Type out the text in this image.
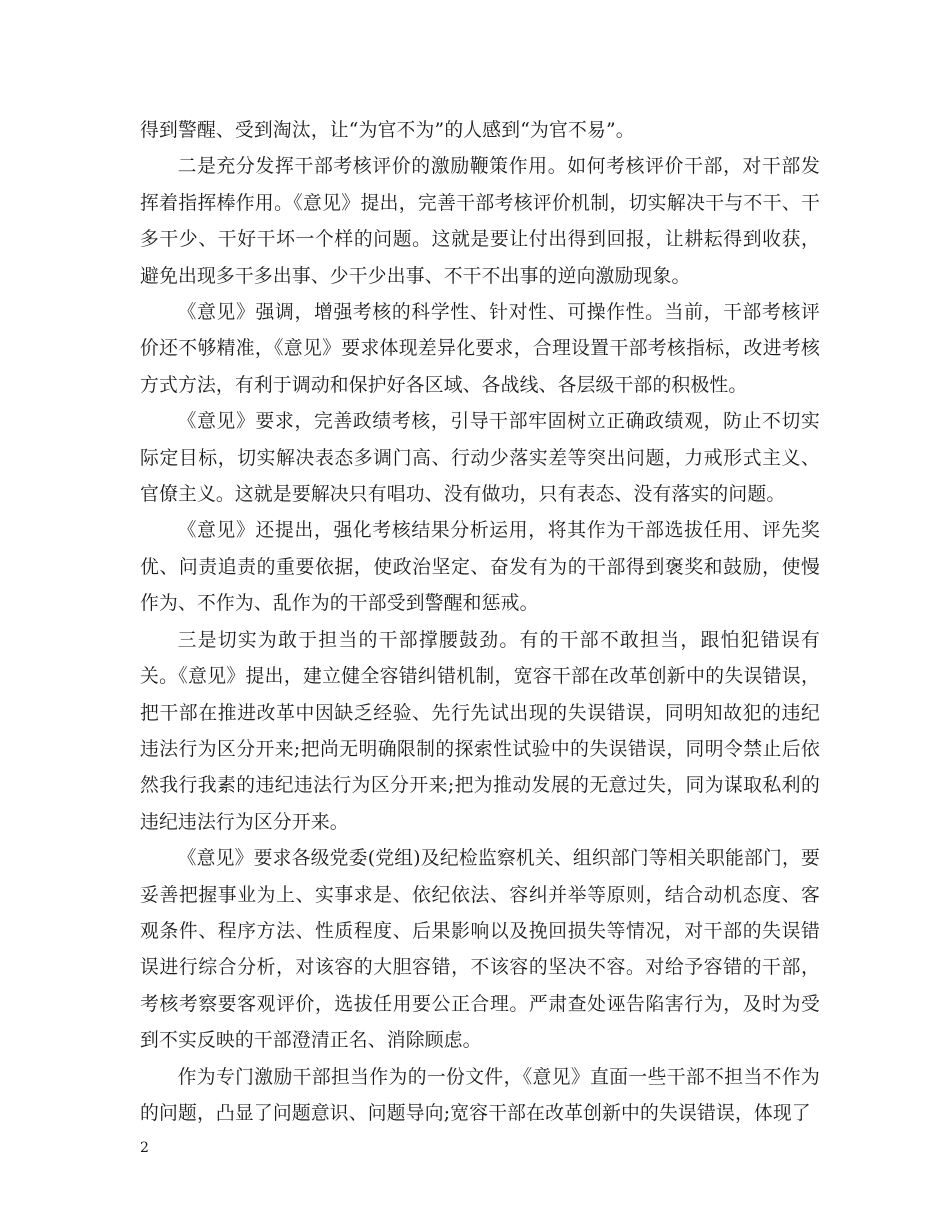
得到警醒、受到淘汰，让“为官不为”的人感到“为官不易”。

二是充分发挥干部考核评价的激励鞭策作用。如何考核评价干部，对干部发挥着指挥棒作用。《意见》提出，完善干部考核评价机制，切实解决干与不干、干多干少、干好干坏一个样的问题。这就是要让付出得到回报，让耕耘得到收获，避免出现多干多出事、少干少出事、不干不出事的逆向激励现象。

《意见》强调，增强考核的科学性、针对性、可操作性。当前，干部考核评价还不够精准，《意见》要求体现差异化要求，合理设置干部考核指标，改进考核方式方法，有利于调动和保护好各区域、各战线、各层级干部的积极性。

《意见》要求，完善政绩考核，引导干部牢固树立正确政绩观，防止不切实际定目标，切实解决表态多调门高、行动少落实差等突出问题，力戒形式主义、官僚主义。这就是要解决只有唱功、没有做功，只有表态、没有落实的问题。

《意见》还提出，强化考核结果分析运用，将其作为干部选拔任用、评先奖优、问责追责的重要依据，使政治坚定、奋发有为的干部得到褒奖和鼓励，使慢作为、不作为、乱作为的干部受到警醒和惩戒。

三是切实为敢于担当的干部撑腰鼓劲。有的干部不敢担当，跟怕犯错误有关。《意见》提出，建立健全容错纠错机制，宽容干部在改革创新中的失误错误，把干部在推进改革中因缺乏经验、先行先试出现的失误错误，同明知故犯的违纪违法行为区分开来;把尚无明确限制的探索性试验中的失误错误，同明令禁止后依然我行我素的违纪违法行为区分开来;把为推动发展的无意过失，同为谋取私利的违纪违法行为区分开来。

《意见》要求各级党委(党组)及纪检监察机关、组织部门等相关职能部门，要妥善把握事业为上、实事求是、依纪依法、容纠并举等原则，结合动机态度、客观条件、程序方法、性质程度、后果影响以及挽回损失等情况，对干部的失误错误进行综合分析，对该容的大胆容错，不该容的坚决不容。对给予容错的干部，考核考察要客观评价，选拔任用要公正合理。严肃查处诬告陷害行为，及时为受到不实反映的干部澄清正名、消除顾虑。

作为专门激励干部担当作为的一份文件，《意见》直面一些干部不担当不作为的问题，凸显了问题意识、问题导向;宽容干部在改革创新中的失误错误，体现了

2
